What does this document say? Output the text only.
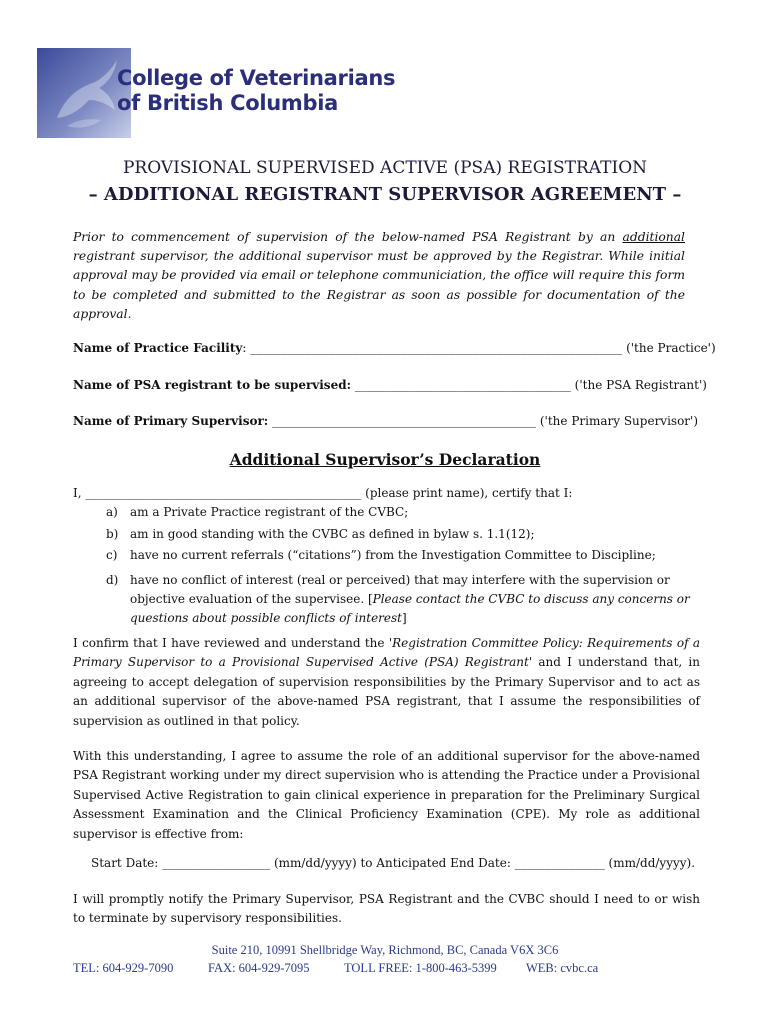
College of Veterinarians
of British Columbia
PROVISIONAL SUPERVISED ACTIVE (PSA) REGISTRATION
– ADDITIONAL REGISTRANT SUPERVISOR AGREEMENT –
Prior to commencement of supervision of the below-named PSA Registrant by an additional registrant supervisor, the additional supervisor must be approved by the Registrar. While initial approval may be provided via email or telephone communiciation, the office will require this form to be completed and submitted to the Registrar as soon as possible for documentation of the approval.
Name of Practice Facility: ______________________________________________________________ ('the Practice')
Name of PSA registrant to be supervised: ____________________________________ ('the PSA Registrant')
Name of Primary Supervisor: ____________________________________________ ('the Primary Supervisor')
Additional Supervisor’s Declaration
I, ______________________________________________ (please print name), certify that I:
a) am a Private Practice registrant of the CVBC;
b) am in good standing with the CVBC as defined in bylaw s. 1.1(12);
c) have no current referrals (“citations”) from the Investigation Committee to Discipline;
d) have no conflict of interest (real or perceived) that may interfere with the supervision or
objective evaluation of the supervisee. [Please contact the CVBC to discuss any concerns or
questions about possible conflicts of interest]
I confirm that I have reviewed and understand the 'Registration Committee Policy: Requirements of a Primary Supervisor to a Provisional Supervised Active (PSA) Registrant' and I understand that, in agreeing to accept delegation of supervision responsibilities by the Primary Supervisor and to act as an additional supervisor of the above-named PSA registrant, that I assume the responsibilities of supervision as outlined in that policy.
With this understanding, I agree to assume the role of an additional supervisor for the above-named PSA Registrant working under my direct supervision who is attending the Practice under a Provisional Supervised Active Registration to gain clinical experience in preparation for the Preliminary Surgical Assessment Examination and the Clinical Proficiency Examination (CPE). My role as additional supervisor is effective from:
Start Date: __________________ (mm/dd/yyyy) to Anticipated End Date: _______________ (mm/dd/yyyy).
I will promptly notify the Primary Supervisor, PSA Registrant and the CVBC should I need to or wish to terminate by supervisory responsibilities.
Suite 210, 10991 Shellbridge Way, Richmond, BC, Canada V6X 3C6
TEL: 604-929-7090	FAX: 604-929-7095	TOLL FREE: 1-800-463-5399 WEB: cvbc.ca
